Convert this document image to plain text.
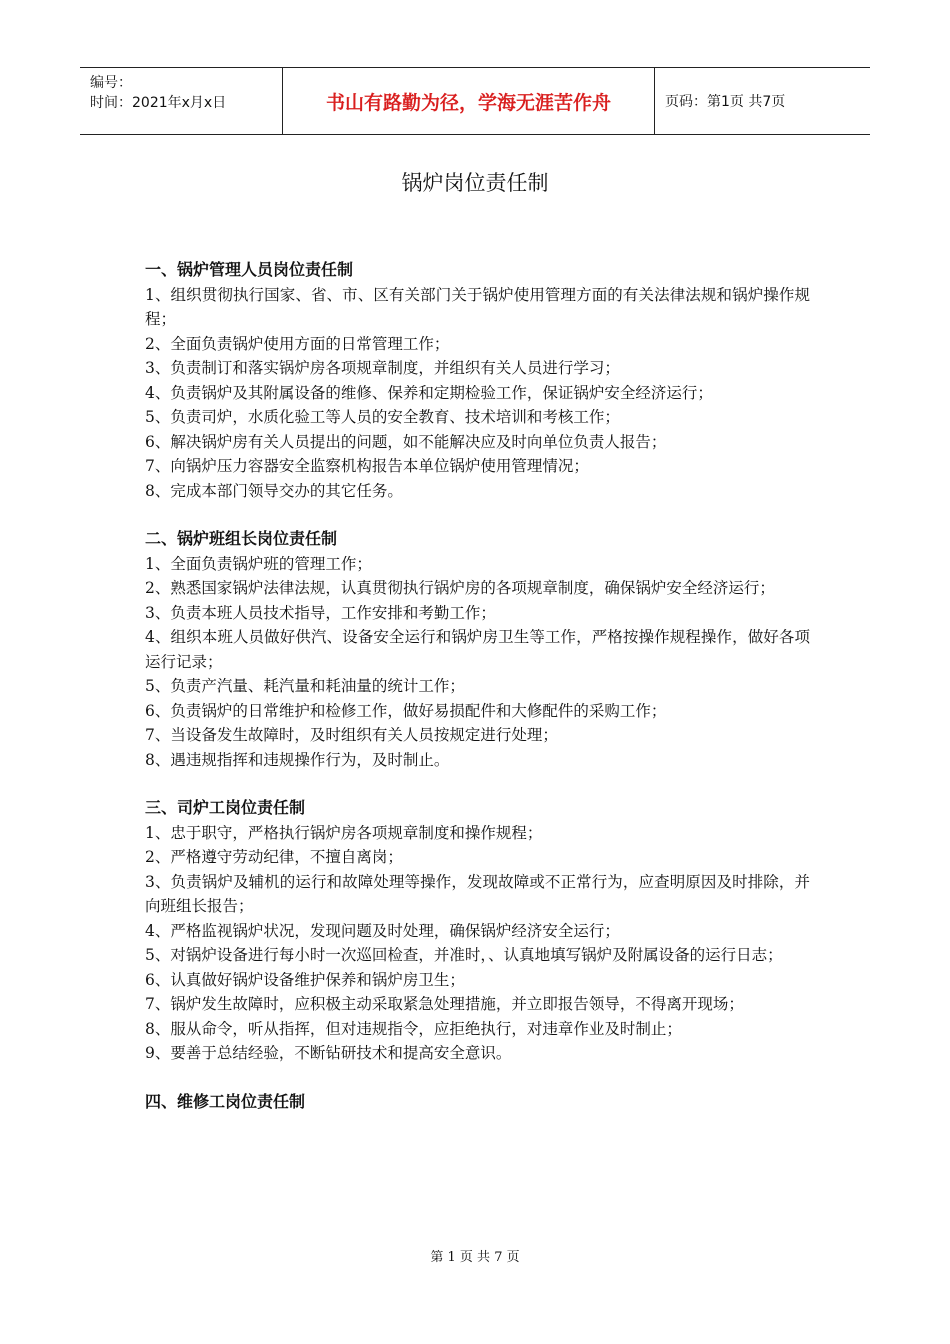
编号：
时间：2021年x月x日	书山有路勤为径，学海无涯苦作舟	页码：第1页 共7页
锅炉岗位责任制
一、锅炉管理人员岗位责任制

1、组织贯彻执行国家、省、市、区有关部门关于锅炉使用管理方面的有关法律法规和锅炉操作规程；

2、全面负责锅炉使用方面的日常管理工作；

3、负责制订和落实锅炉房各项规章制度，并组织有关人员进行学习；

4、负责锅炉及其附属设备的维修、保养和定期检验工作，保证锅炉安全经济运行；

5、负责司炉，水质化验工等人员的安全教育、技术培训和考核工作；

6、解决锅炉房有关人员提出的问题，如不能解决应及时向单位负责人报告；

7、向锅炉压力容器安全监察机构报告本单位锅炉使用管理情况；

8、完成本部门领导交办的其它任务。

二、锅炉班组长岗位责任制

1、全面负责锅炉班的管理工作；

2、熟悉国家锅炉法律法规，认真贯彻执行锅炉房的各项规章制度，确保锅炉安全经济运行；

3、负责本班人员技术指导，工作安排和考勤工作；

4、组织本班人员做好供汽、设备安全运行和锅炉房卫生等工作，严格按操作规程操作，做好各项运行记录；

5、负责产汽量、耗汽量和耗油量的统计工作；

6、负责锅炉的日常维护和检修工作，做好易损配件和大修配件的采购工作；

7、当设备发生故障时，及时组织有关人员按规定进行处理；

8、遇违规指挥和违规操作行为，及时制止。

三、司炉工岗位责任制

1、忠于职守，严格执行锅炉房各项规章制度和操作规程；

2、严格遵守劳动纪律，不擅自离岗；

3、负责锅炉及辅机的运行和故障处理等操作，发现故障或不正常行为，应查明原因及时排除，并向班组长报告；

4、严格监视锅炉状况，发现问题及时处理，确保锅炉经济安全运行；

5、对锅炉设备进行每小时一次巡回检查，并准时，、认真地填写锅炉及附属设备的运行日志；

6、认真做好锅炉设备维护保养和锅炉房卫生；

7、锅炉发生故障时，应积极主动采取紧急处理措施，并立即报告领导，不得离开现场；

8、服从命令，听从指挥，但对违规指令，应拒绝执行，对违章作业及时制止；

9、要善于总结经验，不断钻研技术和提高安全意识。

四、维修工岗位责任制
第 1 页 共 7 页
